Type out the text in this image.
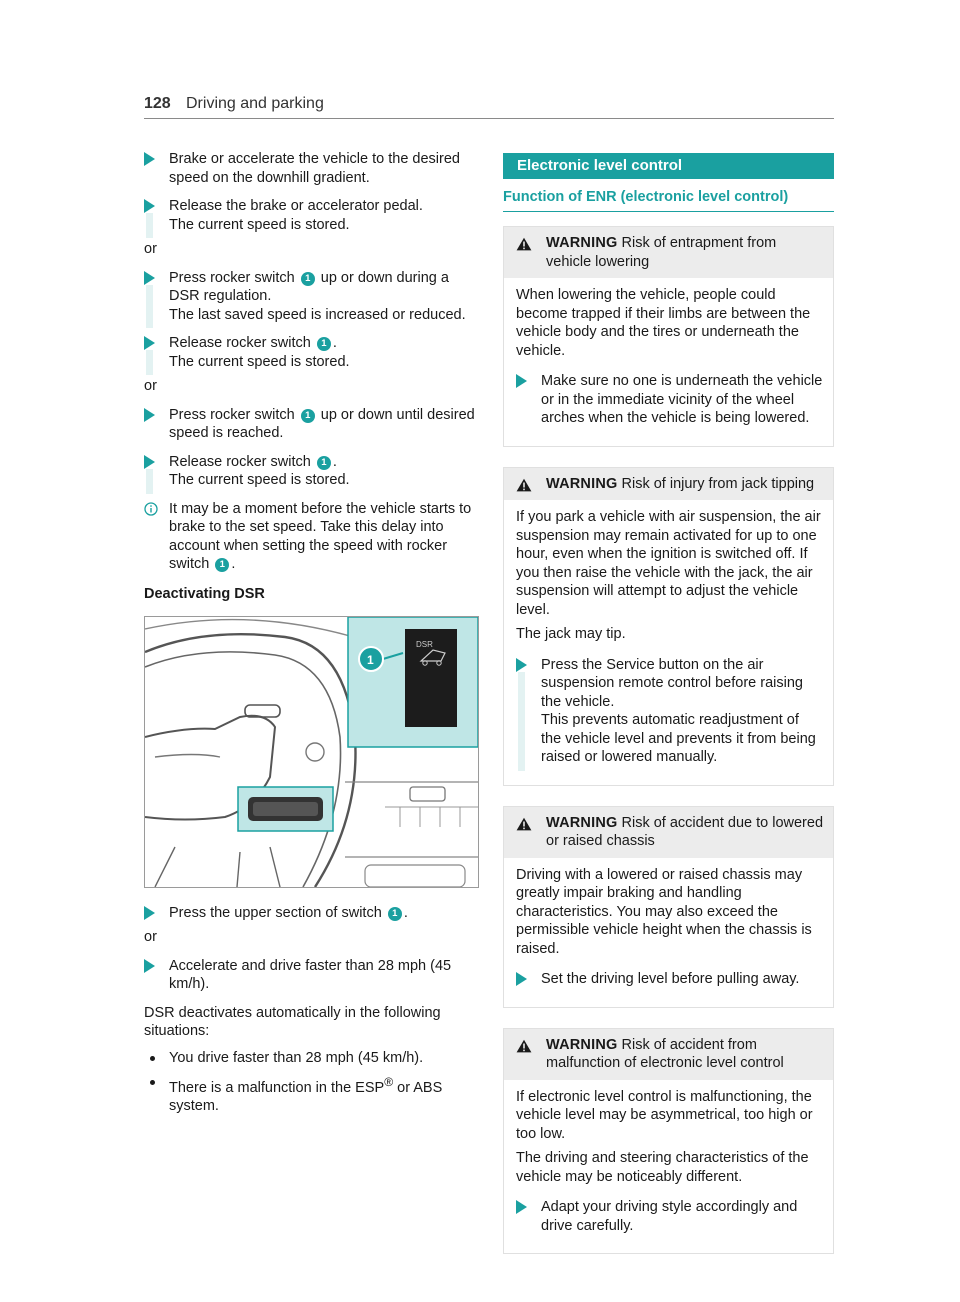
128 Driving and parking
Brake or accelerate the vehicle to the desired speed on the downhill gradient.
Release the brake or accelerator pedal.
The current speed is stored.
or
Press rocker switch 1 up or down during a DSR regulation.
The last saved speed is increased or reduced.
Release rocker switch 1 .
The current speed is stored.
or
Press rocker switch 1 up or down until desired speed is reached.
Release rocker switch 1 .
The current speed is stored.
It may be a moment before the vehicle starts to brake to the set speed. Take this delay into account when setting the speed with rocker switch 1 .
Deactivating DSR
DSR
1
Press the upper section of switch 1 .
or
Accelerate and drive faster than 28 mph (45 km/h).
DSR deactivates automatically in the following situations:
You drive faster than 28 mph (45 km/h).
There is a malfunction in the ESP® or ABS system.
Electronic level control
Function of ENR (electronic level control)
WARNING Risk of entrapment from vehicle lowering

When lowering the vehicle, people could become trapped if their limbs are between the vehicle body and the tires or underneath the vehicle.

Make sure no one is underneath the vehicle or in the immediate vicinity of the wheel arches when the vehicle is being lowered.
WARNING Risk of injury from jack tipping

If you park a vehicle with air suspension, the air suspension may remain activated for up to one hour, even when the ignition is switched off. If you then raise the vehicle with the jack, the air suspension will attempt to adjust the vehicle level.

The jack may tip.

Press the Service button on the air suspension remote control before raising the vehicle.
This prevents automatic readjustment of the vehicle level and prevents it from being raised or lowered manually.
WARNING Risk of accident due to lowered or raised chassis

Driving with a lowered or raised chassis may greatly impair braking and handling characteristics. You may also exceed the permissible vehicle height when the chassis is raised.

Set the driving level before pulling away.
WARNING Risk of accident from malfunction of electronic level control

If electronic level control is malfunctioning, the vehicle level may be asymmetrical, too high or too low.

The driving and steering characteristics of the vehicle may be noticeably different.

Adapt your driving style accordingly and drive carefully.
